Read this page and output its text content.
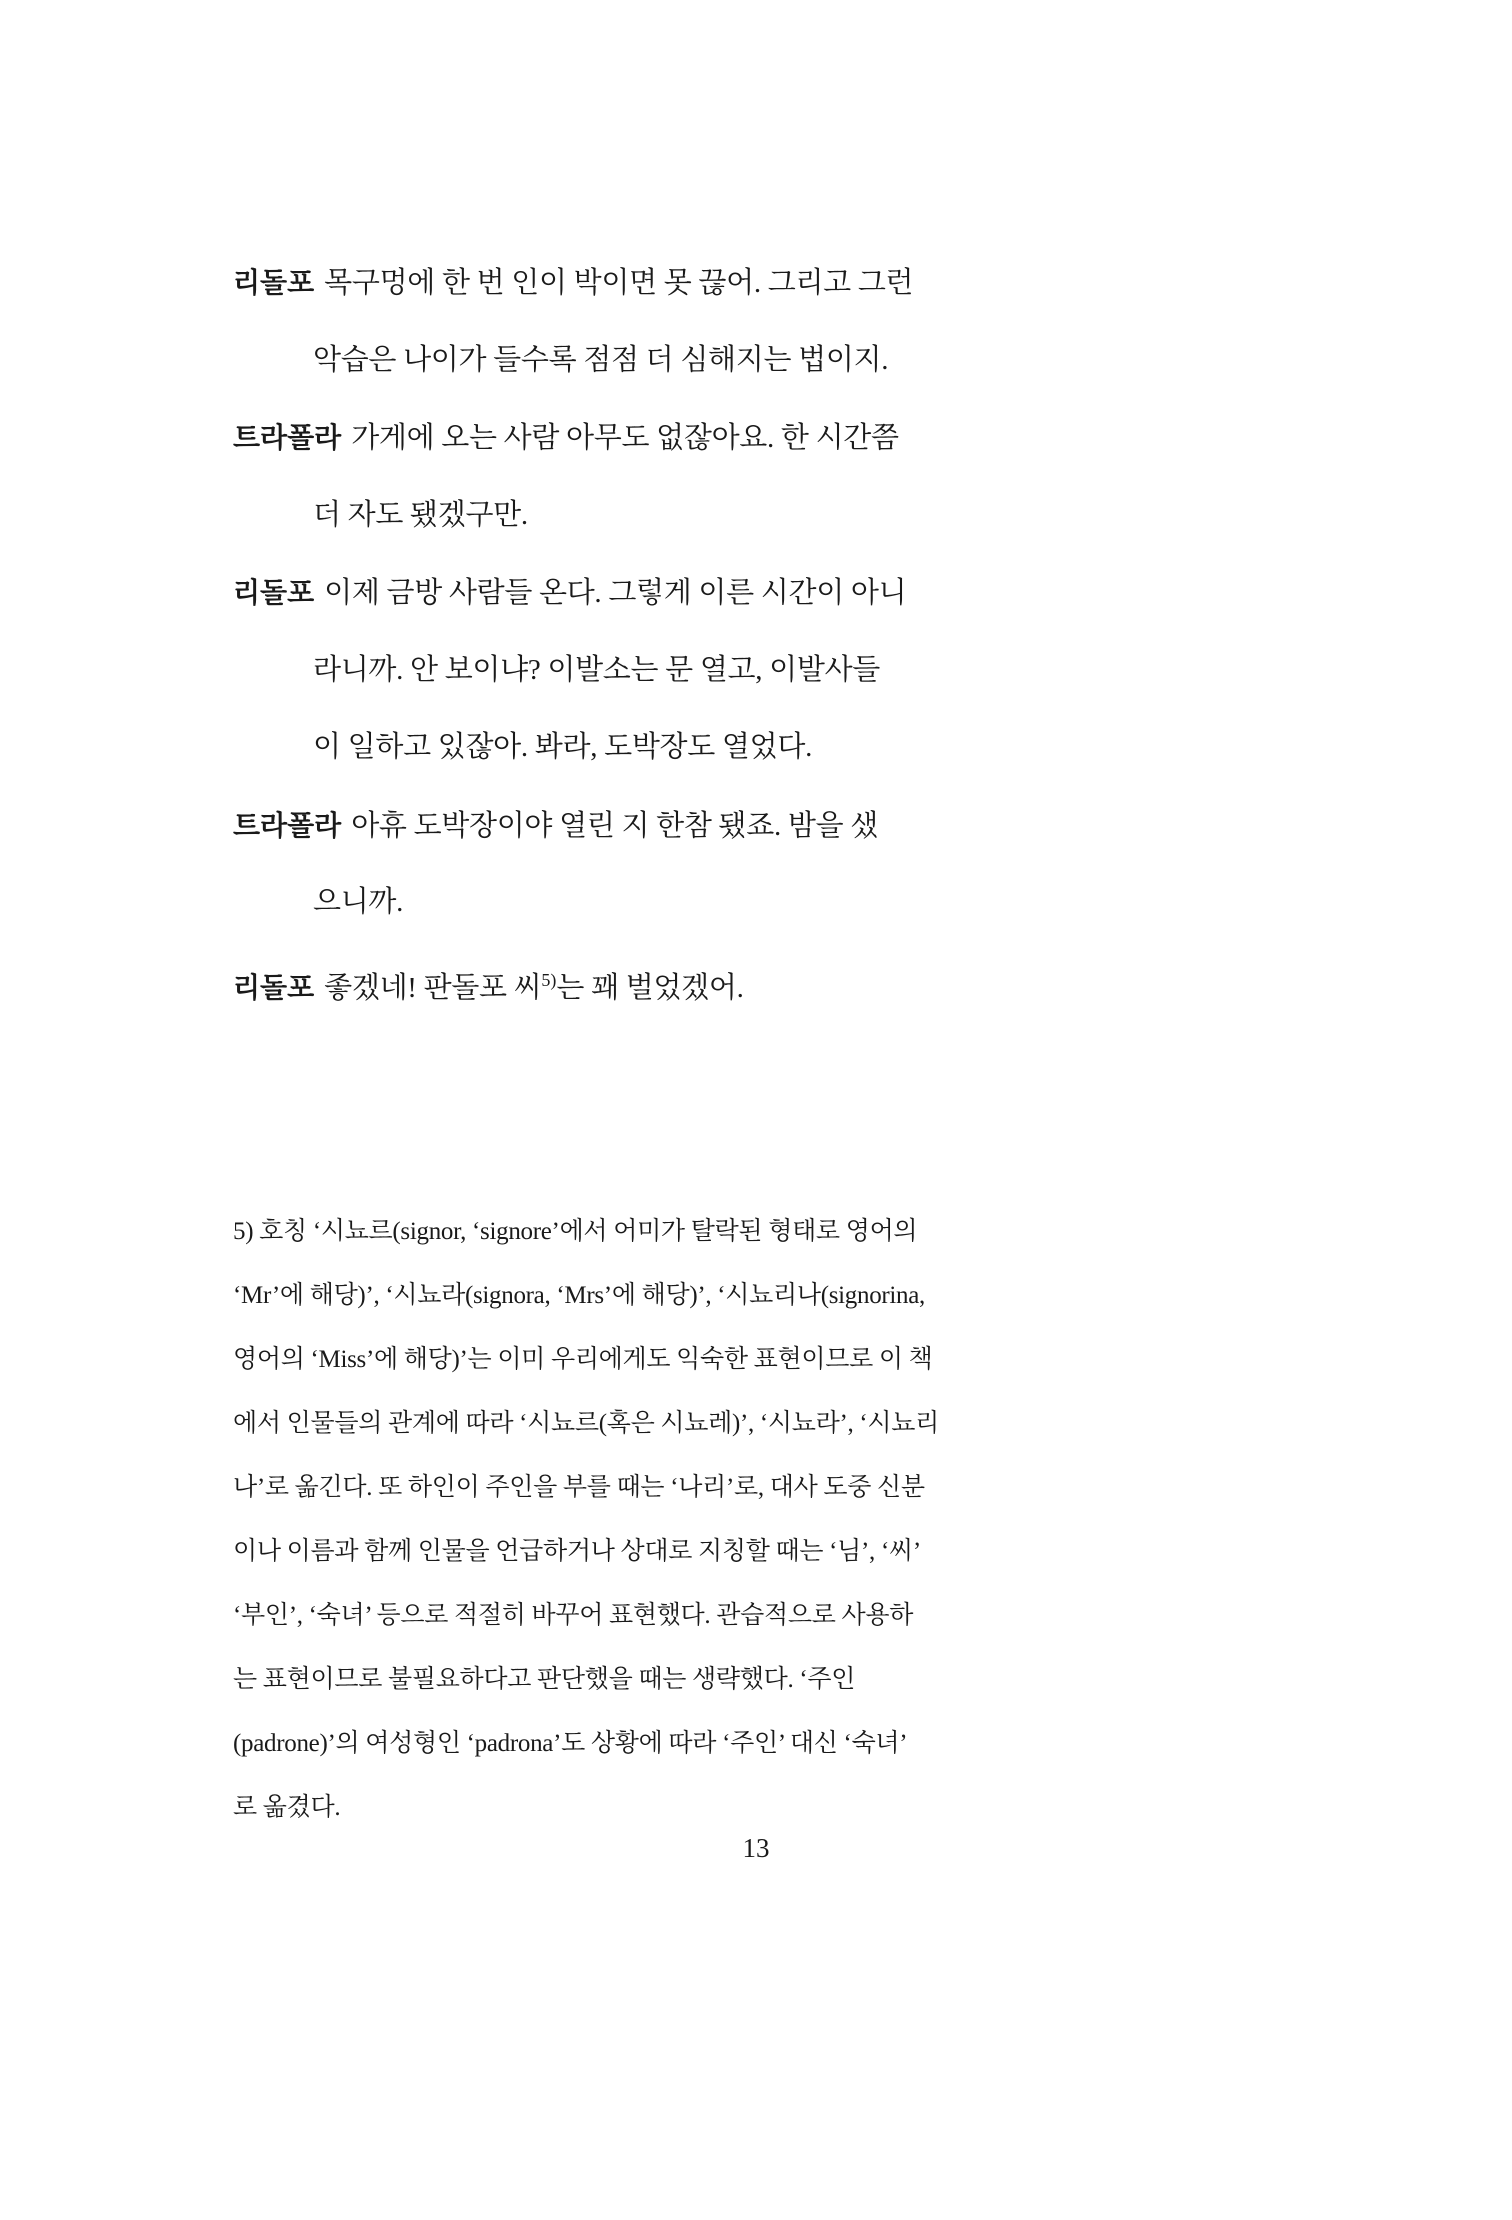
리돌포 목구멍에 한 번 인이 박이면 못 끊어. 그리고 그런
악습은 나이가 들수록 점점 더 심해지는 법이지.
트라폴라 가게에 오는 사람 아무도 없잖아요. 한 시간쯤
더 자도 됐겠구만.
리돌포 이제 금방 사람들 온다. 그렇게 이른 시간이 아니
라니까. 안 보이냐? 이발소는 문 열고, 이발사들
이 일하고 있잖아. 봐라, 도박장도 열었다.
트라폴라 아휴 도박장이야 열린 지 한참 됐죠. 밤을 샜
으니까.
리돌포 좋겠네! 판돌포 씨$^{5)}$는 꽤 벌었겠어.
5) 호칭 ‘시뇨르(signor, ‘signore’에서 어미가 탈락된 형태로 영어의
‘Mr’에 해당)’, ‘시뇨라(signora, ‘Mrs’에 해당)’, ‘시뇨리나(signorina,
영어의 ‘Miss’에 해당)’는 이미 우리에게도 익숙한 표현이므로 이 책
에서 인물들의 관계에 따라 ‘시뇨르(혹은 시뇨레)’, ‘시뇨라’, ‘시뇨리
나’로 옮긴다. 또 하인이 주인을 부를 때는 ‘나리’로, 대사 도중 신분
이나 이름과 함께 인물을 언급하거나 상대로 지칭할 때는 ‘님’, ‘씨’
‘부인’, ‘숙녀’ 등으로 적절히 바꾸어 표현했다. 관습적으로 사용하
는 표현이므로 불필요하다고 판단했을 때는 생략했다. ‘주인
(padrone)’의 여성형인 ‘padrona’도 상황에 따라 ‘주인’ 대신 ‘숙녀’
로 옮겼다.
13
